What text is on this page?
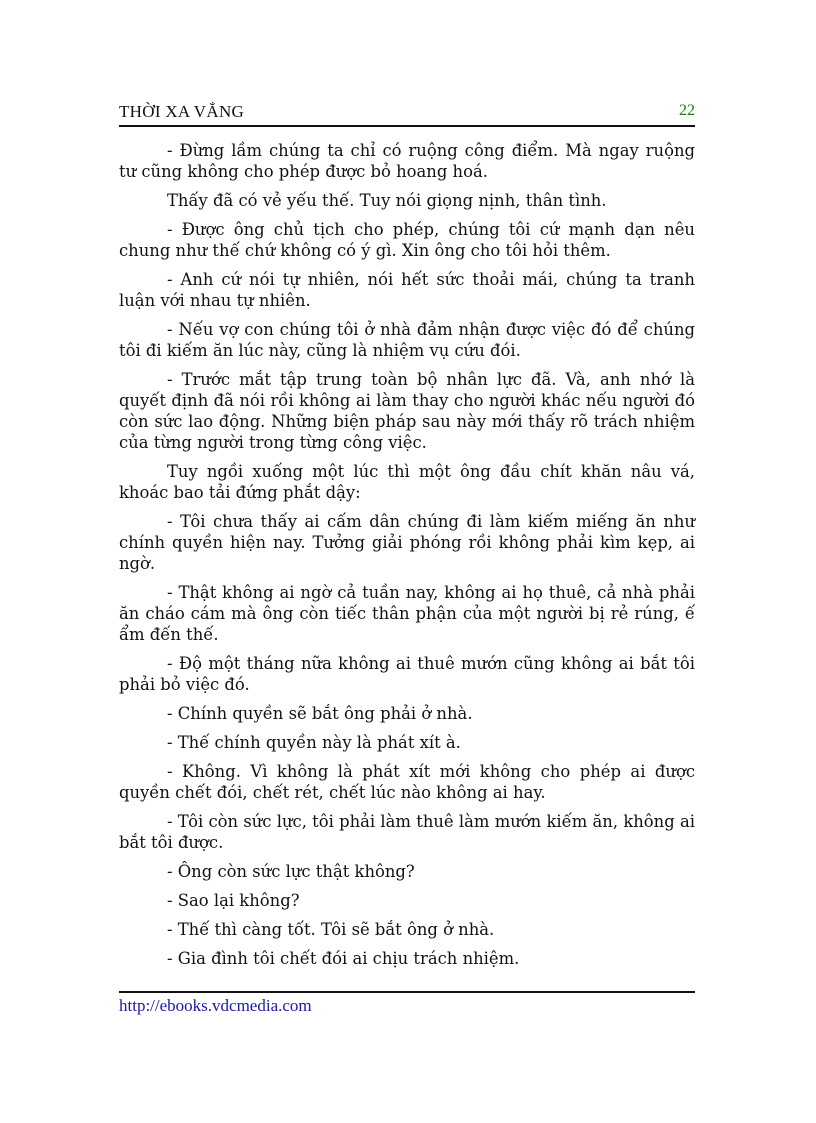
THỜI XA VẮNG	22

- Đừng lầm chúng ta chỉ có ruộng công điểm. Mà ngay ruộng tư cũng không cho phép được bỏ hoang hoá.

Thấy đã có vẻ yếu thế. Tuy nói giọng nịnh, thân tình.

- Được ông chủ tịch cho phép, chúng tôi cứ mạnh dạn nêu chung như thế chứ không có ý gì. Xin ông cho tôi hỏi thêm.

- Anh cứ nói tự nhiên, nói hết sức thoải mái, chúng ta tranh luận với nhau tự nhiên.

- Nếu vợ con chúng tôi ở nhà đảm nhận được việc đó để chúng tôi đi kiếm ăn lúc này, cũng là nhiệm vụ cứu đói.

- Trước mắt tập trung toàn bộ nhân lực đã. Và, anh nhớ là quyết định đã nói rồi không ai làm thay cho người khác nếu người đó còn sức lao động. Những biện pháp sau này mới thấy rõ trách nhiệm của từng người trong từng công việc.

Tuy ngồi xuống một lúc thì một ông đầu chít khăn nâu vá, khoác bao tải đứng phắt dậy:

- Tôi chưa thấy ai cấm dân chúng đi làm kiếm miếng ăn như chính quyền hiện nay. Tưởng giải phóng rồi không phải kìm kẹp, ai ngờ.

- Thật không ai ngờ cả tuần nay, không ai họ thuê, cả nhà phải ăn cháo cám mà ông còn tiếc thân phận của một người bị rẻ rúng, ế ẩm đến thế.

- Độ một tháng nữa không ai thuê mướn cũng không ai bắt tôi phải bỏ việc đó.

- Chính quyền sẽ bắt ông phải ở nhà.

- Thế chính quyền này là phát xít à.

- Không. Vì không là phát xít mới không cho phép ai được quyền chết đói, chết rét, chết lúc nào không ai hay.

- Tôi còn sức lực, tôi phải làm thuê làm mướn kiếm ăn, không ai bắt tôi được.

- Ông còn sức lực thật không?

- Sao lại không?

- Thế thì càng tốt. Tôi sẽ bắt ông ở nhà.

- Gia đình tôi chết đói ai chịu trách nhiệm.

http://ebooks.vdcmedia.com
